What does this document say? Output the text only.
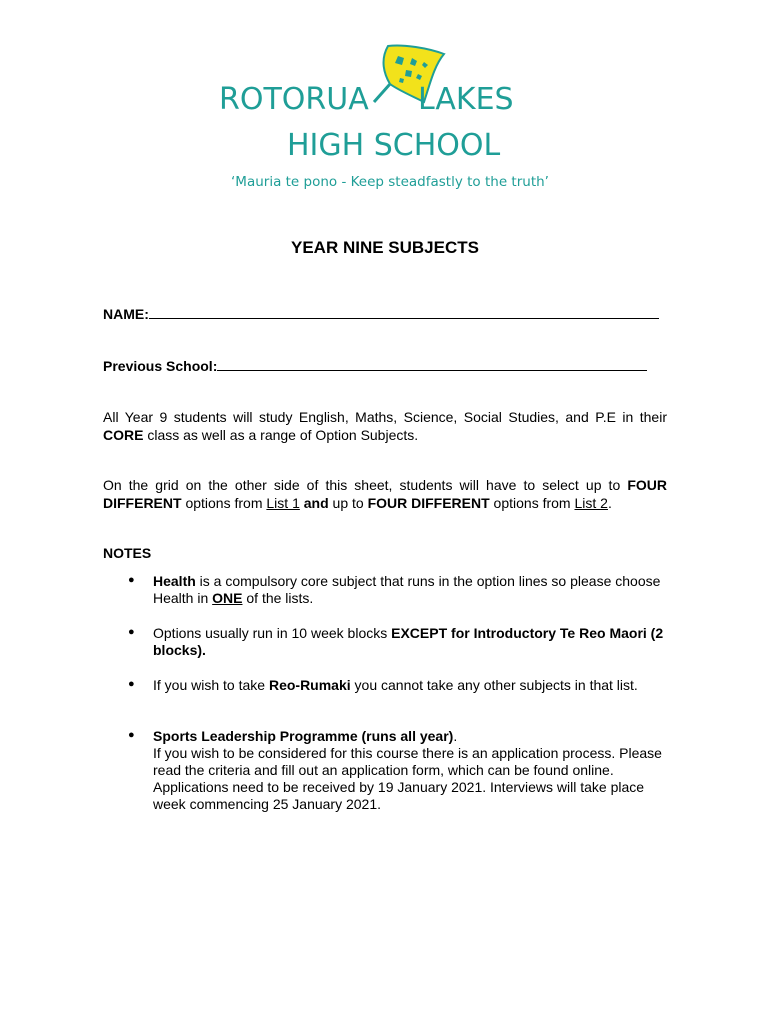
ROTORUA LAKES
HIGH SCHOOL
‘Mauria te pono - Keep steadfastly to the truth’
YEAR NINE SUBJECTS
NAME:
Previous School:
All Year 9 students will study English, Maths, Science, Social Studies, and P.E in their CORE class as well as a range of Option Subjects.
On the grid on the other side of this sheet, students will have to select up to FOUR DIFFERENT options from List 1 and up to FOUR DIFFERENT options from List 2.
NOTES
● Health is a compulsory core subject that runs in the option lines so please choose Health in ONE of the lists.
● Options usually run in 10 week blocks EXCEPT for Introductory Te Reo Maori (2 blocks).
● If you wish to take Reo-Rumaki you cannot take any other subjects in that list.
● Sports Leadership Programme (runs all year).
If you wish to be considered for this course there is an application process. Please read the criteria and fill out an application form, which can be found online. Applications need to be received by 19 January 2021. Interviews will take place week commencing 25 January 2021.
